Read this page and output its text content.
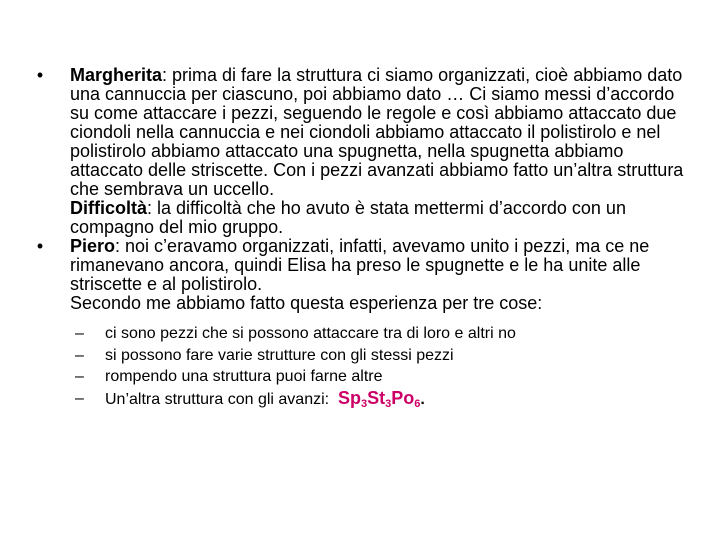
•	Margherita: prima di fare la struttura ci siamo organizzati, cioè abbiamo dato una cannuccia per ciascuno, poi abbiamo dato … Ci siamo messi d’accordo su come attaccare i pezzi, seguendo le regole e così abbiamo attaccato due ciondoli nella cannuccia e nei ciondoli abbiamo attaccato il polistirolo e nel polistirolo abbiamo attaccato una spugnetta, nella spugnetta abbiamo attaccato delle striscette. Con i pezzi avanzati abbiamo fatto un’altra struttura che sembrava un uccello.

Difficoltà: la difficoltà che ho avuto è stata mettermi d’accordo con un compagno del mio gruppo.

•	Piero: noi c’eravamo organizzati, infatti, avevamo unito i pezzi, ma ce ne rimanevano ancora, quindi Elisa ha preso le spugnette e le ha unite alle striscette e al polistirolo.

Secondo me abbiamo fatto questa esperienza per tre cose:

– ci sono pezzi che si possono attaccare tra di loro e altri no
– si possono fare varie strutture con gli stessi pezzi
– rompendo una struttura puoi farne altre
– Un’altra struttura con gli avanzi:  $Sp_3St_3Po_6$.
